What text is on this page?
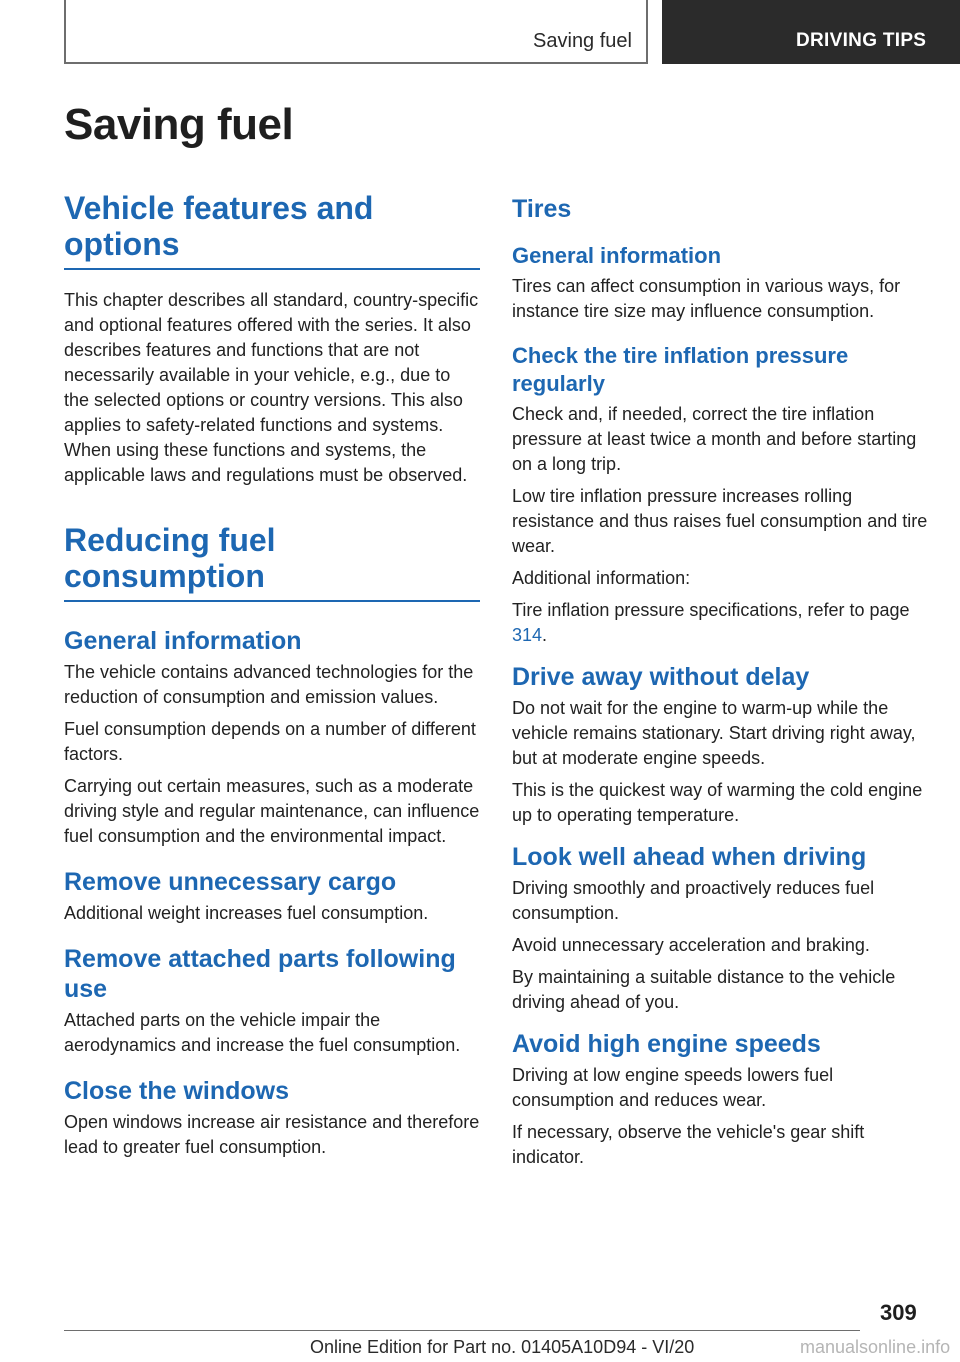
Saving fuel	DRIVING TIPS
Saving fuel
Vehicle features and options

This chapter describes all standard, country-specific and optional features offered with the series. It also describes features and functions that are not necessarily available in your vehicle, e.g., due to the selected options or country versions. This also applies to safety-related functions and systems. When using these functions and systems, the applicable laws and regulations must be observed.

Reducing fuel consumption
General information

The vehicle contains advanced technologies for the reduction of consumption and emission values.

Fuel consumption depends on a number of different factors.

Carrying out certain measures, such as a moderate driving style and regular maintenance, can influence fuel consumption and the environmental impact.

Remove unnecessary cargo

Additional weight increases fuel consumption.

Remove attached parts following use

Attached parts on the vehicle impair the aerodynamics and increase the fuel consumption.

Close the windows

Open windows increase air resistance and therefore lead to greater fuel consumption.

Tires
General information

Tires can affect consumption in various ways, for instance tire size may influence consumption.

Check the tire inflation pressure regularly

Check and, if needed, correct the tire inflation pressure at least twice a month and before starting on a long trip.

Low tire inflation pressure increases rolling resistance and thus raises fuel consumption and tire wear.

Additional information:

Tire inflation pressure specifications, refer to page 314.

Drive away without delay

Do not wait for the engine to warm-up while the vehicle remains stationary. Start driving right away, but at moderate engine speeds.

This is the quickest way of warming the cold engine up to operating temperature.

Look well ahead when driving

Driving smoothly and proactively reduces fuel consumption.

Avoid unnecessary acceleration and braking.

By maintaining a suitable distance to the vehicle driving ahead of you.

Avoid high engine speeds

Driving at low engine speeds lowers fuel consumption and reduces wear.

If necessary, observe the vehicle's gear shift indicator.

309
Online Edition for Part no. 01405A10D94 - VI/20	manualsonline.info
